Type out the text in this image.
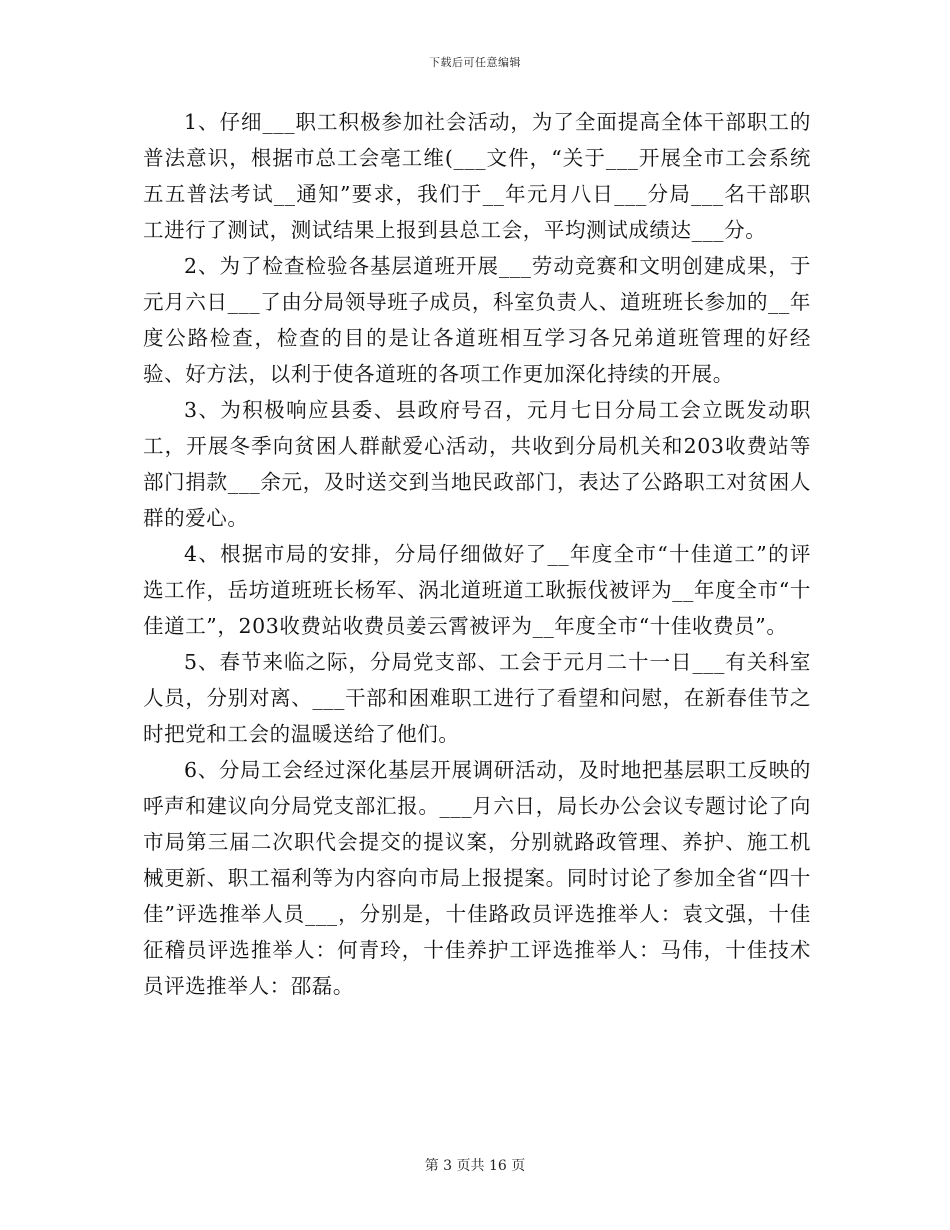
下载后可任意编辑

1、仔细___职工积极参加社会活动，为了全面提高全体干部职工的普法意识，根据市总工会亳工维(___文件，“关于___开展全市工会系统五五普法考试__通知”要求，我们于__年元月八日___分局___名干部职工进行了测试，测试结果上报到县总工会，平均测试成绩达___分。

2、为了检查检验各基层道班开展___劳动竞赛和文明创建成果，于元月六日___了由分局领导班子成员，科室负责人、道班班长参加的__年度公路检查，检查的目的是让各道班相互学习各兄弟道班管理的好经验、好方法，以利于使各道班的各项工作更加深化持续的开展。

3、为积极响应县委、县政府号召，元月七日分局工会立既发动职工，开展冬季向贫困人群献爱心活动，共收到分局机关和203收费站等部门捐款___余元，及时送交到当地民政部门，表达了公路职工对贫困人群的爱心。

4、根据市局的安排，分局仔细做好了__年度全市“十佳道工”的评选工作，岳坊道班班长杨军、涡北道班道工耿振伐被评为__年度全市“十佳道工”，203收费站收费员姜云霄被评为__年度全市“十佳收费员”。

5、春节来临之际，分局党支部、工会于元月二十一日___有关科室人员，分别对离、___干部和困难职工进行了看望和问慰，在新春佳节之时把党和工会的温暖送给了他们。

6、分局工会经过深化基层开展调研活动，及时地把基层职工反映的呼声和建议向分局党支部汇报。___月六日，局长办公会议专题讨论了向市局第三届二次职代会提交的提议案，分别就路政管理、养护、施工机械更新、职工福利等为内容向市局上报提案。同时讨论了参加全省“四十佳”评选推举人员___，分别是，十佳路政员评选推举人：袁文强，十佳征稽员评选推举人：何青玲，十佳养护工评选推举人：马伟，十佳技术员评选推举人：邵磊。

第 3 页共 16 页
